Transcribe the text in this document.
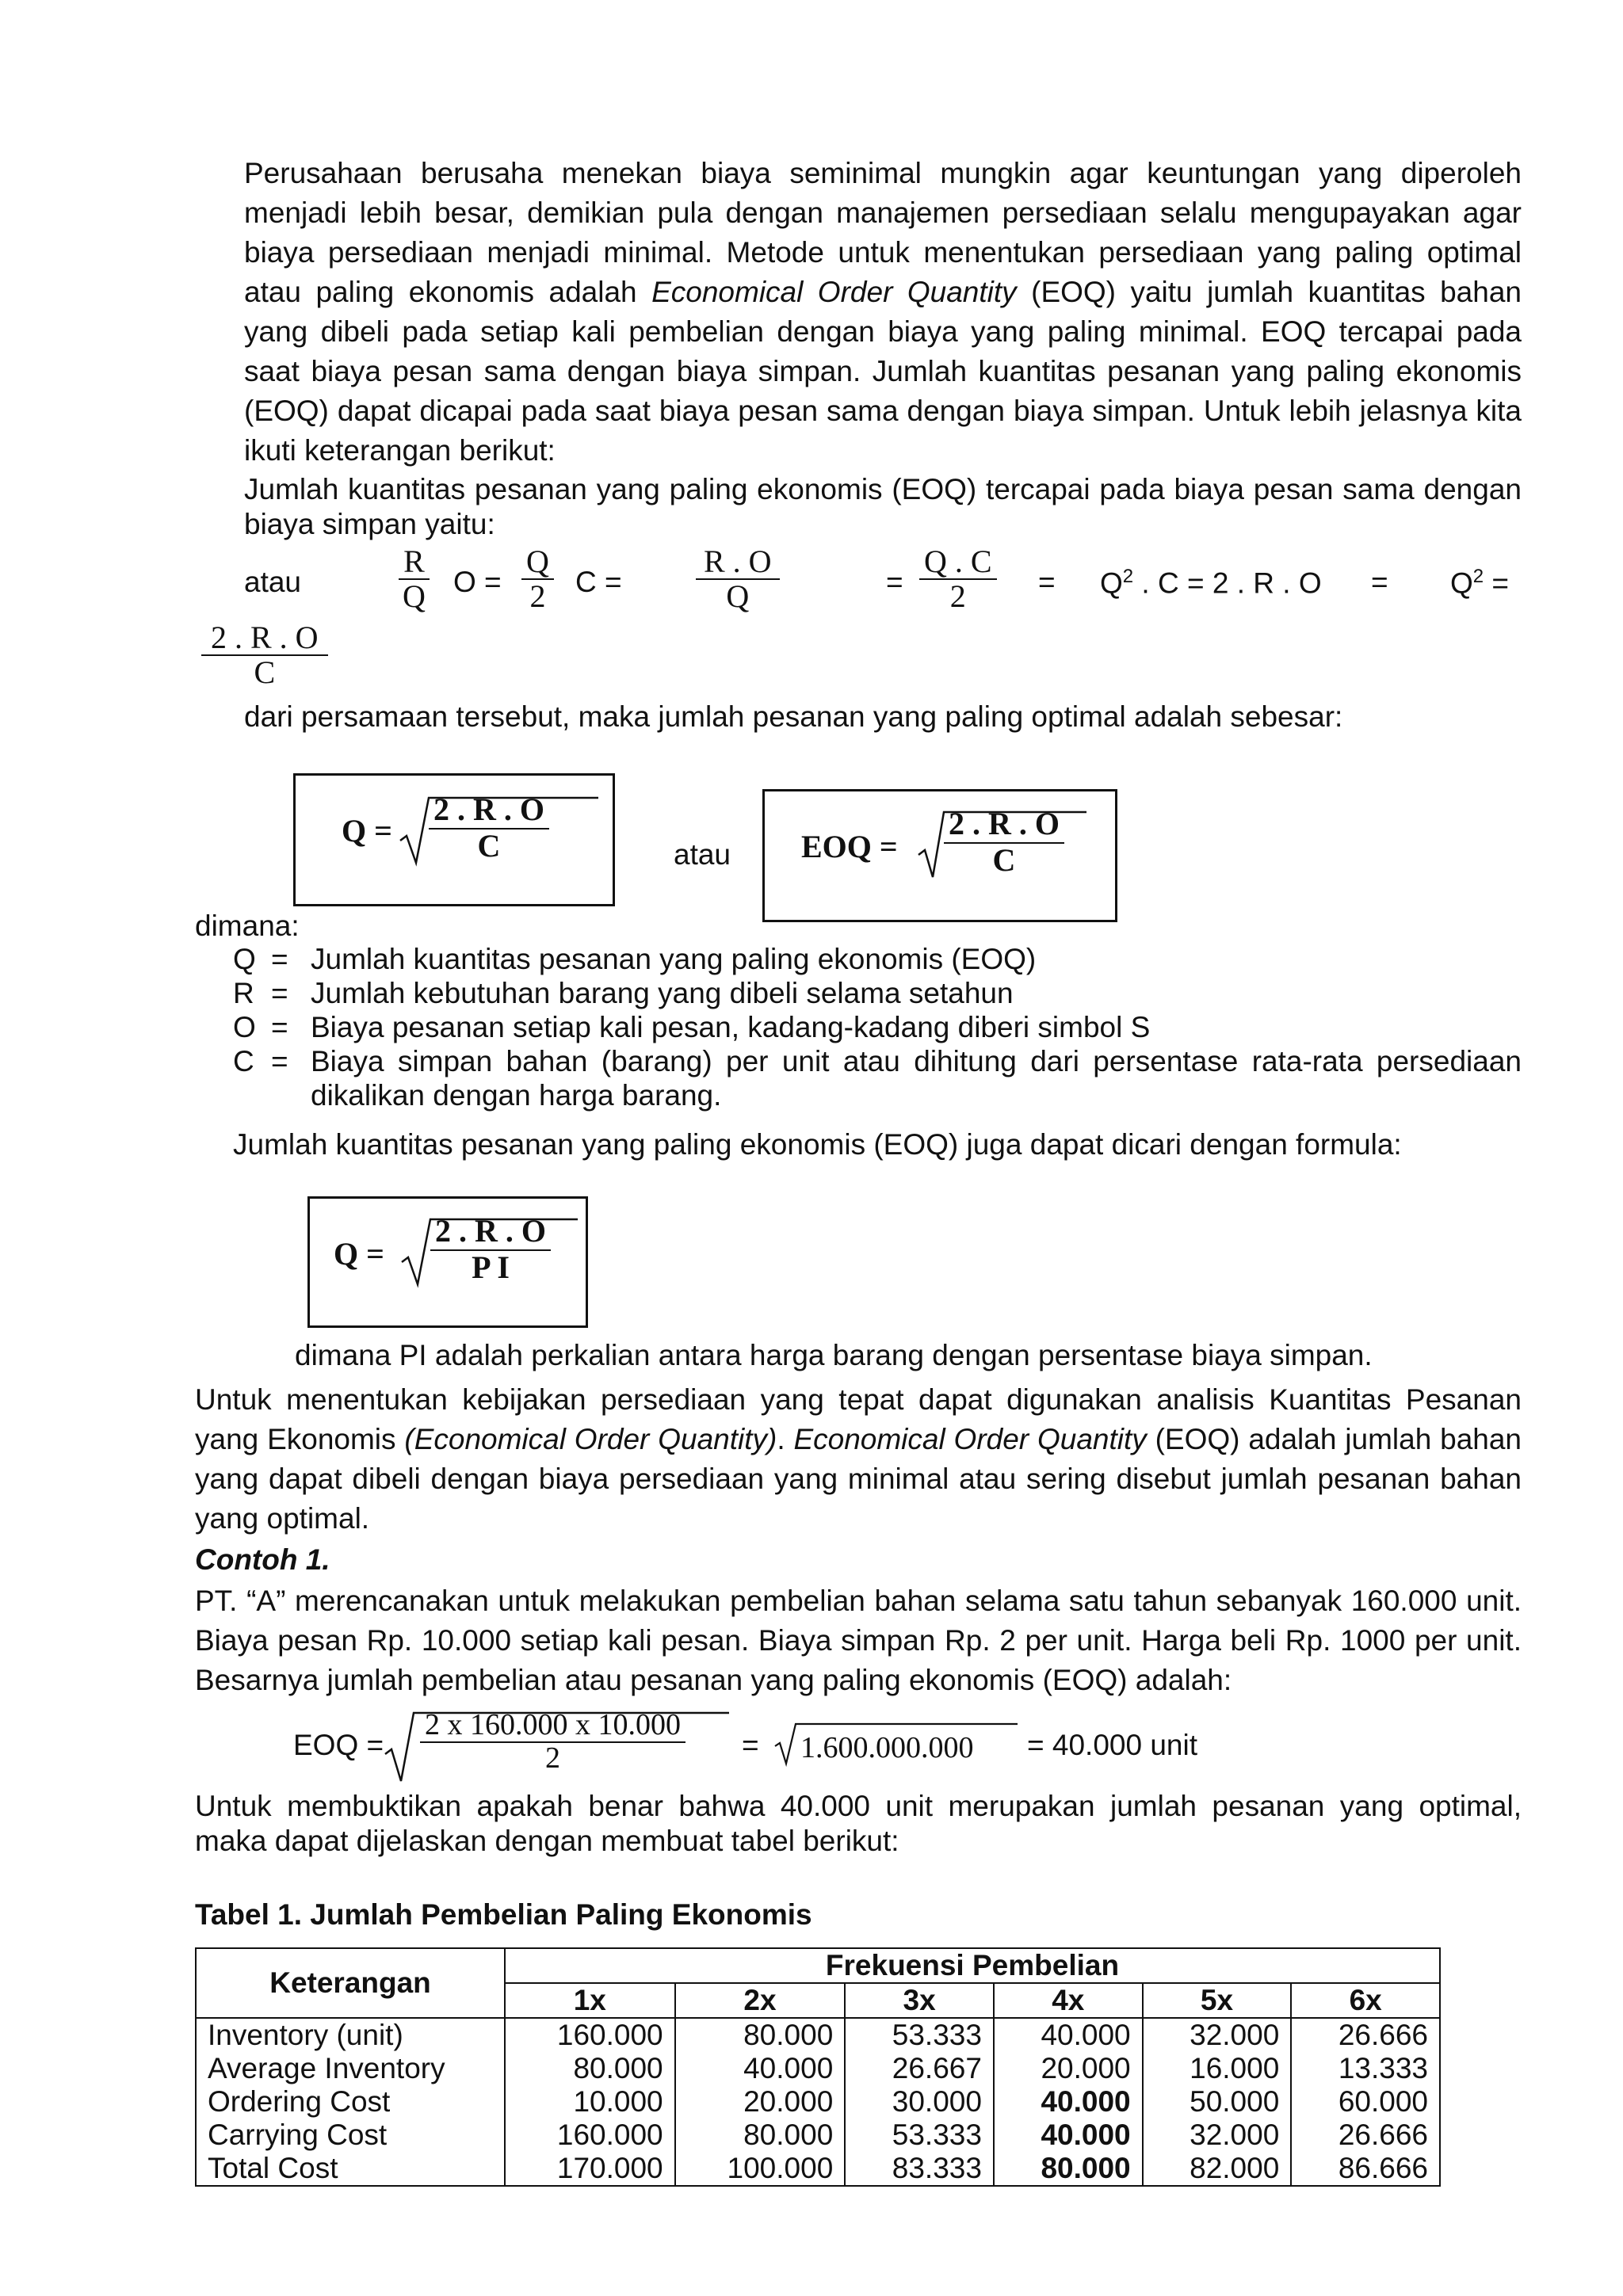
Perusahaan berusaha menekan biaya seminimal mungkin agar keuntungan yang diperoleh menjadi lebih besar, demikian pula dengan manajemen persediaan selalu mengupayakan agar biaya persediaan menjadi minimal. Metode untuk menentukan persediaan yang paling optimal atau paling ekonomis adalah Economical Order Quantity (EOQ) yaitu jumlah kuantitas bahan yang dibeli pada setiap kali pembelian dengan biaya yang paling minimal. EOQ tercapai pada saat biaya pesan sama dengan biaya simpan. Jumlah kuantitas pesanan yang paling ekonomis (EOQ) dapat dicapai pada saat biaya pesan sama dengan biaya simpan. Untuk lebih jelasnya kita ikuti keterangan berikut:

Jumlah kuantitas pesanan yang paling ekonomis (EOQ) tercapai pada biaya pesan sama dengan biaya simpan yaitu:

atau	$\frac{R}{Q}$ $O = \frac{Q}{2}$ $C = \frac{R . O}{Q}$	= $\frac{Q . C}{2} = Q^2$ . C = 2 . R . $O = Q^2$ =
$\frac{2 . R . O}{C}$
dari persamaan tersebut, maka jumlah pesanan yang paling optimal adalah sebesar:
$Q = \frac{2 . R . O}{C}$	atau EOQ = $\frac{2 . R . O}{C}$
dimana:
Q = Jumlah kuantitas pesanan yang paling ekonomis (EOQ)
R = Jumlah kebutuhan barang yang dibeli selama setahun
O = Biaya pesanan setiap kali pesan, kadang-kadang diberi simbol S
C = Biaya simpan bahan (barang) per unit atau dihitung dari persentase rata-rata persediaan
dikalikan dengan harga barang.
Jumlah kuantitas pesanan yang paling ekonomis (EOQ) juga dapat dicari dengan formula:
$Q = \frac{2 . R . O}{\text{P I}}$
dimana PI adalah perkalian antara harga barang dengan persentase biaya simpan.

Untuk menentukan kebijakan persediaan yang tepat dapat digunakan analisis Kuantitas Pesanan yang Ekonomis (Economical Order Quantity). Economical Order Quantity (EOQ) adalah jumlah bahan yang dapat dibeli dengan biaya persediaan yang minimal atau sering disebut jumlah pesanan bahan yang optimal.

Contoh 1.

PT. “A” merencanakan untuk melakukan pembelian bahan selama satu tahun sebanyak 160.000 unit. Biaya pesan Rp. 10.000 setiap kali pesan. Biaya simpan Rp. 2 per unit. Harga beli Rp. 1000 per unit. Besarnya jumlah pembelian atau pesanan yang paling ekonomis (EOQ) adalah:

EOQ = $\frac{2 x 160.000 x 10.000}{2} = 1.600.000.000 = 40.000$ unit

Untuk membuktikan apakah benar bahwa 40.000 unit merupakan jumlah pesanan yang optimal, maka dapat dijelaskan dengan membuat tabel berikut:

Tabel 1. Jumlah Pembelian Paling Ekonomis
Keterangan	Frekuensi Pembelian					
	1x	2x	3x	4x	5x	6x
Inventory (unit)	160.000	80.000	53.333	40.000	32.000	26.666
Average Inventory	80.000	40.000	26.667	20.000	16.000	13.333
Ordering Cost	10.000	20.000	30.000	40.000	50.000	60.000
Carrying Cost	160.000	80.000	53.333	40.000	32.000	26.666
Total Cost	170.000	100.000	83.333	80.000	82.000	86.666
